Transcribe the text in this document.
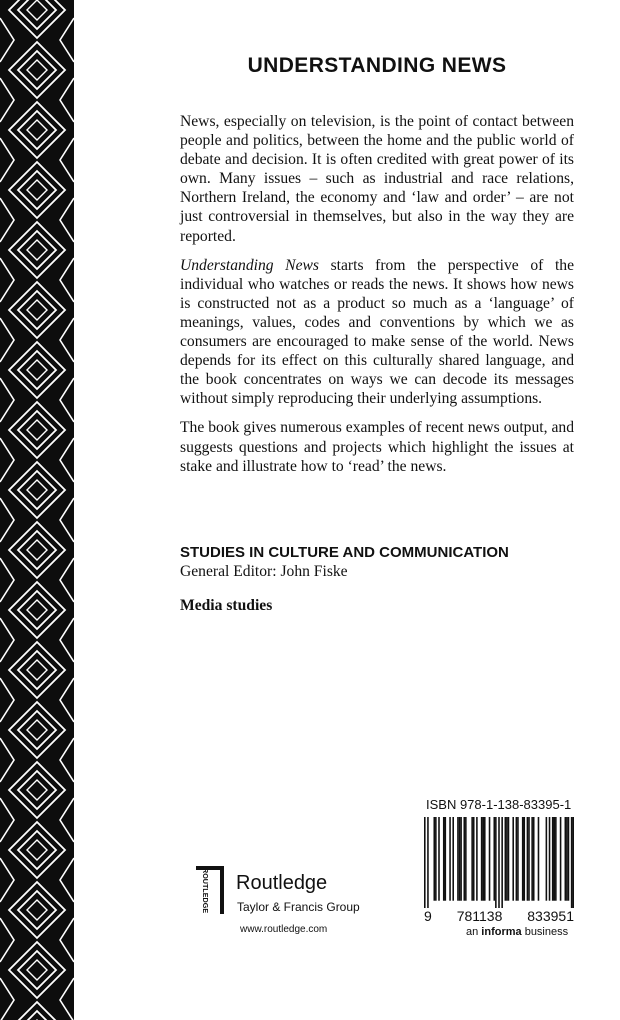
UNDERSTANDING NEWS

News, especially on television, is the point of contact between people and politics, between the home and the public world of debate and decision. It is often credited with great power of its own. Many issues – such as industrial and race relations, Northern Ireland, the economy and ‘law and order’ – are not just controversial in themselves, but also in the way they are reported.

Understanding News starts from the perspective of the individual who watches or reads the news. It shows how news is constructed not as a product so much as a ‘language’ of meanings, values, codes and conventions by which we as consumers are encouraged to make sense of the world. News depends for its effect on this culturally shared language, and the book concentrates on ways we can decode its messages without simply reproducing their underlying assumptions.

The book gives numerous examples of recent news output, and suggests questions and projects which highlight the issues at stake and illustrate how to ‘read’ the news.

STUDIES IN CULTURE AND COMMUNICATION
General Editor: John Fiske
Media studies
ISBN 978-1-138-83395-1
9 781138 833951
an informa business
ROUTLEDGE Routledge
Taylor & Francis Group
www.routledge.com
